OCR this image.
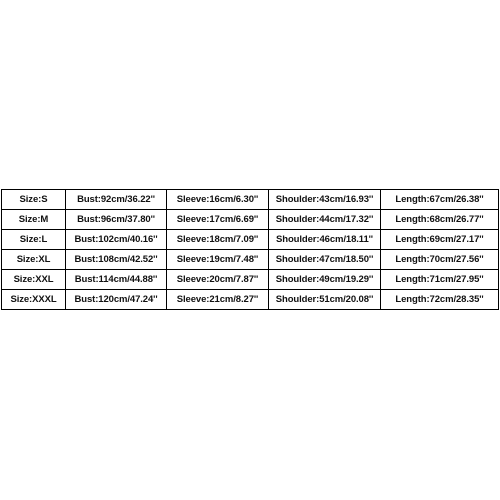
Size:S	Bust:92cm/36.22''	Sleeve:16cm/6.30''	Shoulder:43cm/16.93''	Length:67cm/26.38''
Size:M	Bust:96cm/37.80''	Sleeve:17cm/6.69''	Shoulder:44cm/17.32''	Length:68cm/26.77''
Size:L	Bust:102cm/40.16''	Sleeve:18cm/7.09''	Shoulder:46cm/18.11''	Length:69cm/27.17''
Size:XL	Bust:108cm/42.52''	Sleeve:19cm/7.48''	Shoulder:47cm/18.50''	Length:70cm/27.56''
Size:XXL	Bust:114cm/44.88''	Sleeve:20cm/7.87''	Shoulder:49cm/19.29''	Length:71cm/27.95''
Size:XXXL	Bust:120cm/47.24''	Sleeve:21cm/8.27''	Shoulder:51cm/20.08''	Length:72cm/28.35''
